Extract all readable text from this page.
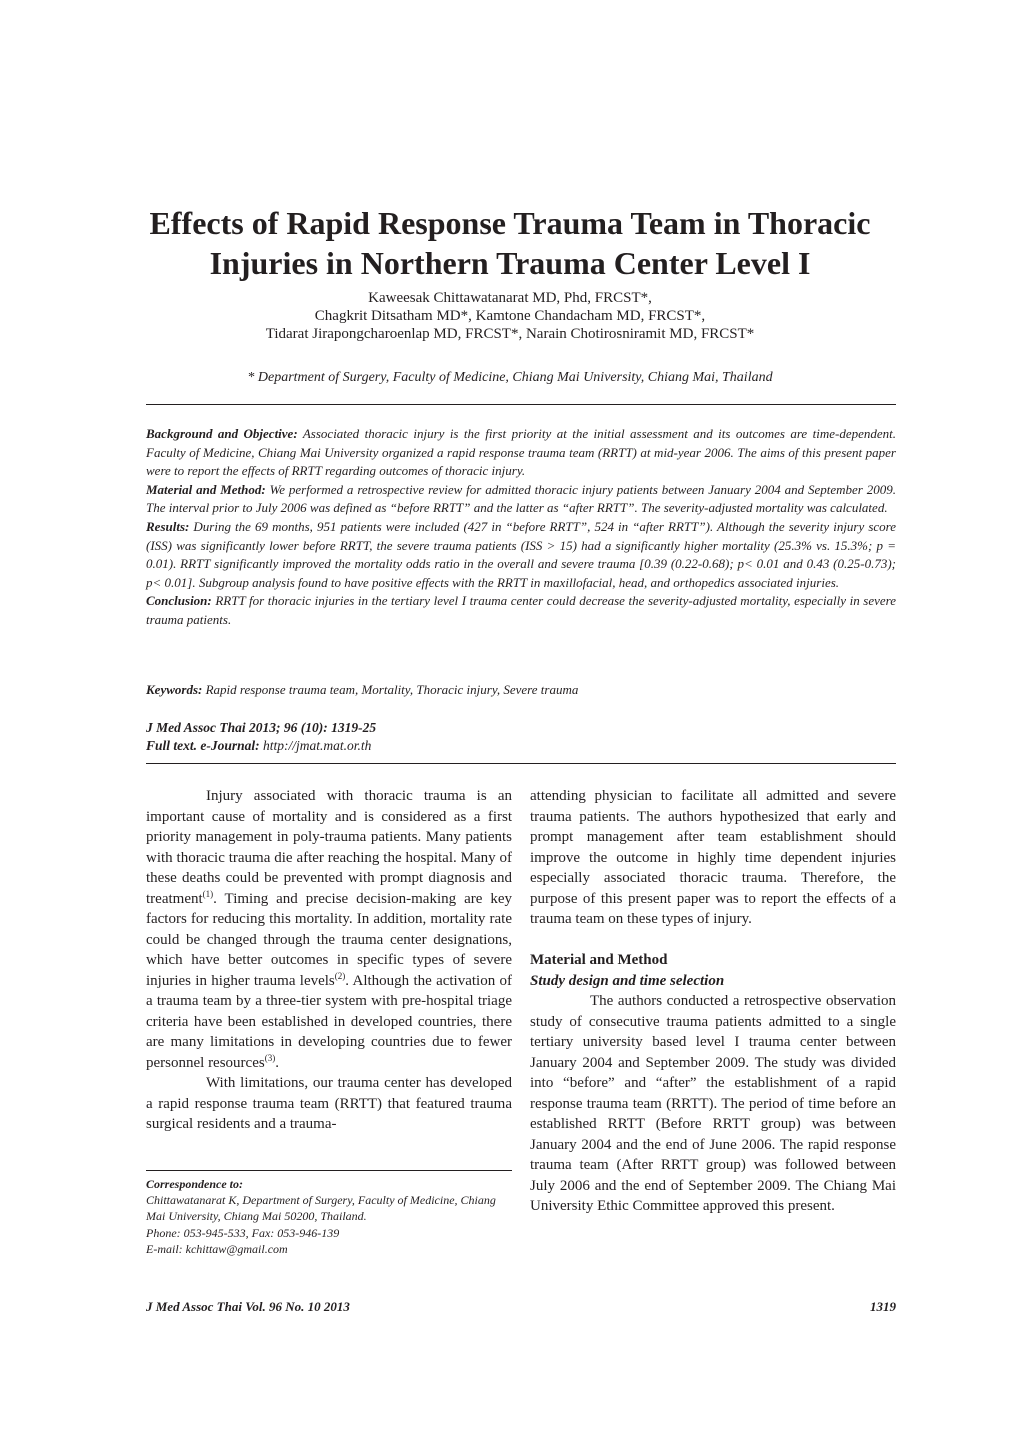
Effects of Rapid Response Trauma Team in Thoracic
Injuries in Northern Trauma Center Level I
Kaweesak Chittawatanarat MD, Phd, FRCST*,
Chagkrit Ditsatham MD*, Kamtone Chandacham MD, FRCST*,
Tidarat Jirapongcharoenlap MD, FRCST*, Narain Chotirosniramit MD, FRCST*
* Department of Surgery, Faculty of Medicine, Chiang Mai University, Chiang Mai, Thailand

Background and Objective: Associated thoracic injury is the first priority at the initial assessment and its outcomes are time-dependent. Faculty of Medicine, Chiang Mai University organized a rapid response trauma team (RRTT) at mid-year 2006. The aims of this present paper were to report the effects of RRTT regarding outcomes of thoracic injury.

Material and Method: We performed a retrospective review for admitted thoracic injury patients between January 2004 and September 2009. The interval prior to July 2006 was defined as “before RRTT” and the latter as “after RRTT”. The severity-adjusted mortality was calculated.

Results: During the 69 months, 951 patients were included (427 in “before RRTT”, 524 in “after RRTT”). Although the severity injury score (ISS) was significantly lower before RRTT, the severe trauma patients (ISS > 15) had a significantly higher mortality (25.3% vs. 15.3%; p = 0.01). RRTT significantly improved the mortality odds ratio in the overall and severe trauma [0.39 (0.22-0.68); p< 0.01 and 0.43 (0.25-0.73); p< 0.01]. Subgroup analysis found to have positive effects with the RRTT in maxillofacial, head, and orthopedics associated injuries.

Conclusion: RRTT for thoracic injuries in the tertiary level I trauma center could decrease the severity-adjusted mortality, especially in severe trauma patients.

Keywords: Rapid response trauma team, Mortality, Thoracic injury, Severe trauma
J Med Assoc Thai 2013; 96 (10): 1319-25
Full text. e-Journal: http://jmat.mat.or.th

Injury associated with thoracic trauma is an important cause of mortality and is considered as a first priority management in poly-trauma patients. Many patients with thoracic trauma die after reaching the hospital. Many of these deaths could be prevented with prompt diagnosis and treatment$^{(1)}$. Timing and precise decision-making are key factors for reducing this mortality. In addition, mortality rate could be changed through the trauma center designations, which have better outcomes in specific types of severe injuries in higher trauma levels$^{(2)}$. Although the activation of a trauma team by a three-tier system with pre-hospital triage criteria have been established in developed countries, there are many limitations in developing countries due to fewer personnel resources$^{(3)}$.

With limitations, our trauma center has developed a rapid response trauma team (RRTT) that featured trauma surgical residents and a trauma-

attending physician to facilitate all admitted and severe trauma patients. The authors hypothesized that early and prompt management after team establishment should improve the outcome in highly time dependent injuries especially associated thoracic trauma. Therefore, the purpose of this present paper was to report the effects of a trauma team on these types of injury.

Material and Method

Study design and time selection

The authors conducted a retrospective observation study of consecutive trauma patients admitted to a single tertiary university based level I trauma center between January 2004 and September 2009. The study was divided into “before” and “after” the establishment of a rapid response trauma team (RRTT). The period of time before an established RRTT (Before RRTT group) was between January 2004 and the end of June 2006. The rapid response trauma team (After RRTT group) was followed between July 2006 and the end of September 2009. The Chiang Mai University Ethic Committee approved this present.

Correspondence to:
Chittawatanarat K, Department of Surgery, Faculty of Medicine, Chiang Mai University, Chiang Mai 50200, Thailand.
Phone: 053-945-533, Fax: 053-946-139
E-mail: kchittaw@gmail.com
J Med Assoc Thai Vol. 96 No. 10 2013	1319
